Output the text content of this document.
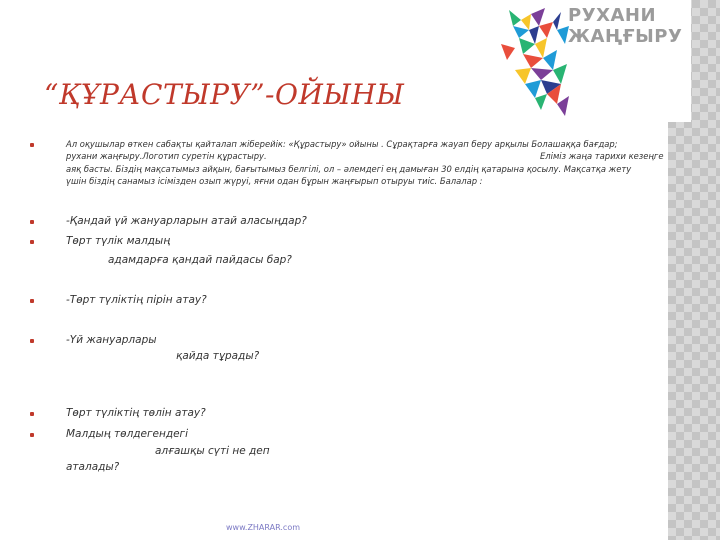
РУХАНИ
ЖАҢҒЫРУ
“ҚҰРАСТЫРУ”-ОЙЫНЫ
Ал оқушылар өткен сабақты қайталап жіберейік: «Құрастыру» ойыны . Сұрақтарға жауап беру арқылы Болашаққа бағдар;
рухани жаңғыру.Логотип суретін құрастыру.	Еліміз жаңа тарихи кезеңге
аяқ басты. Біздің мақсатымыз айқын, бағытымыз белгілі, ол – әлемдегі ең дамыған 30 елдің қатарына қосылу. Мақсатқа жету
үшін біздің санамыз ісімізден озып жүруі, яғни одан бұрын жаңғырып отыруы тиіс. Балалар :
-Қандай үй жануарларын атай аласыңдар?
Төрт түлік малдың
адамдарға қандай пайдасы бар?
-Төрт түліктің пірін атау?
-Үй жануарлары
қайда тұрады?
Төрт түліктің төлін атау?
Малдың төлдегендегі
алғашқы сүті не деп
аталады?
www.ZHARAR.com
